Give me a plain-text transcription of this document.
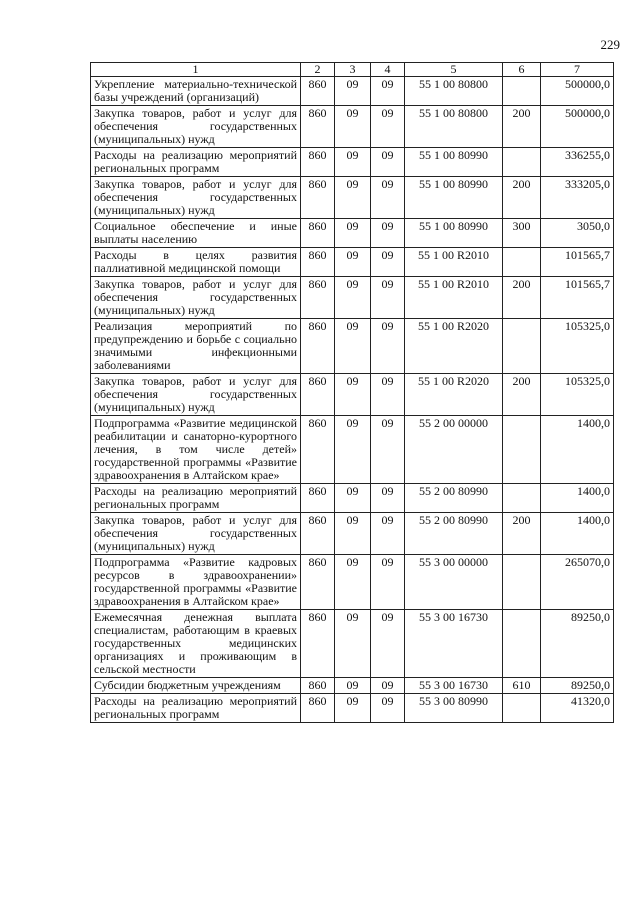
229
1	2	3	4	5	6	7
Укрепление материально-технической базы учреждений (организаций)	860	09	09	55 1 00 80800		500000,0
Закупка товаров, работ и услуг для обеспечения государственных (муниципальных) нужд	860	09	09	55 1 00 80800	200	500000,0
Расходы на реализацию мероприятий региональных программ	860	09	09	55 1 00 80990		336255,0
Закупка товаров, работ и услуг для обеспечения государственных (муниципальных) нужд	860	09	09	55 1 00 80990	200	333205,0
Социальное обеспечение и иные выплаты населению	860	09	09	55 1 00 80990	300	3050,0
Расходы в целях развития паллиативной медицинской помощи	860	09	09	55 1 00 R2010		101565,7
Закупка товаров, работ и услуг для обеспечения государственных (муниципальных) нужд	860	09	09	55 1 00 R2010	200	101565,7
Реализация мероприятий по предупреждению и борьбе с социально значимыми инфекционными заболеваниями	860	09	09	55 1 00 R2020		105325,0
Закупка товаров, работ и услуг для обеспечения государственных (муниципальных) нужд	860	09	09	55 1 00 R2020	200	105325,0
Подпрограмма «Развитие медицинской реабилитации и санаторно-курортного лечения, в том числе детей» государственной программы «Развитие здравоохранения в Алтайском крае»	860	09	09	55 2 00 00000		1400,0
Расходы на реализацию мероприятий региональных программ	860	09	09	55 2 00 80990		1400,0
Закупка товаров, работ и услуг для обеспечения государственных (муниципальных) нужд	860	09	09	55 2 00 80990	200	1400,0
Подпрограмма «Развитие кадровых ресурсов в здравоохранении» государственной программы «Развитие здравоохранения в Алтайском крае»	860	09	09	55 3 00 00000		265070,0
Ежемесячная денежная выплата специалистам, работающим в краевых государственных медицинских организациях и проживающим в сельской местности	860	09	09	55 3 00 16730		89250,0
Субсидии бюджетным учреждениям	860	09	09	55 3 00 16730	610	89250,0
Расходы на реализацию мероприятий региональных программ	860	09	09	55 3 00 80990		41320,0
